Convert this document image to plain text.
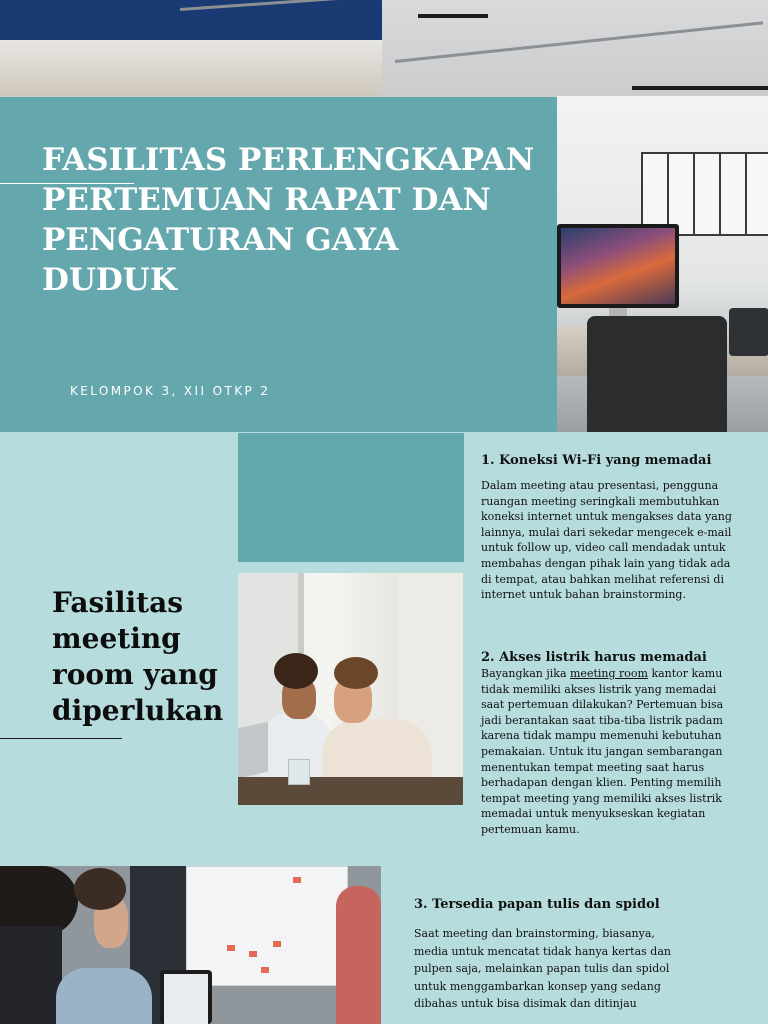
FASILITAS PERLENGKAPAN PERTEMUAN RAPAT DAN PENGATURAN GAYA DUDUK

KELOMPOK 3, XII OTKP 2

Fasilitas meeting room yang diperlukan
1. Koneksi Wi-Fi yang memadai

Dalam meeting atau presentasi, pengguna ruangan meeting seringkali membutuhkan koneksi internet untuk mengakses data yang lainnya, mulai dari sekedar mengecek e-mail untuk follow up, video call mendadak untuk membahas dengan pihak lain yang tidak ada di tempat, atau bahkan melihat referensi di internet untuk bahan brainstorming.

2. Akses listrik harus memadai

Bayangkan jika meeting room kantor kamu tidak memiliki akses listrik yang memadai saat pertemuan dilakukan? Pertemuan bisa jadi berantakan saat tiba-tiba listrik padam karena tidak mampu memenuhi kebutuhan pemakaian. Untuk itu jangan sembarangan menentukan tempat meeting saat harus berhadapan dengan klien. Penting memilih tempat meeting yang memiliki akses listrik memadai untuk menyukseskan kegiatan pertemuan kamu.

3. Tersedia papan tulis dan spidol

Saat meeting dan brainstorming, biasanya, media untuk mencatat tidak hanya kertas dan pulpen saja, melainkan papan tulis dan spidol untuk menggambarkan konsep yang sedang dibahas untuk bisa disimak dan ditinjau
